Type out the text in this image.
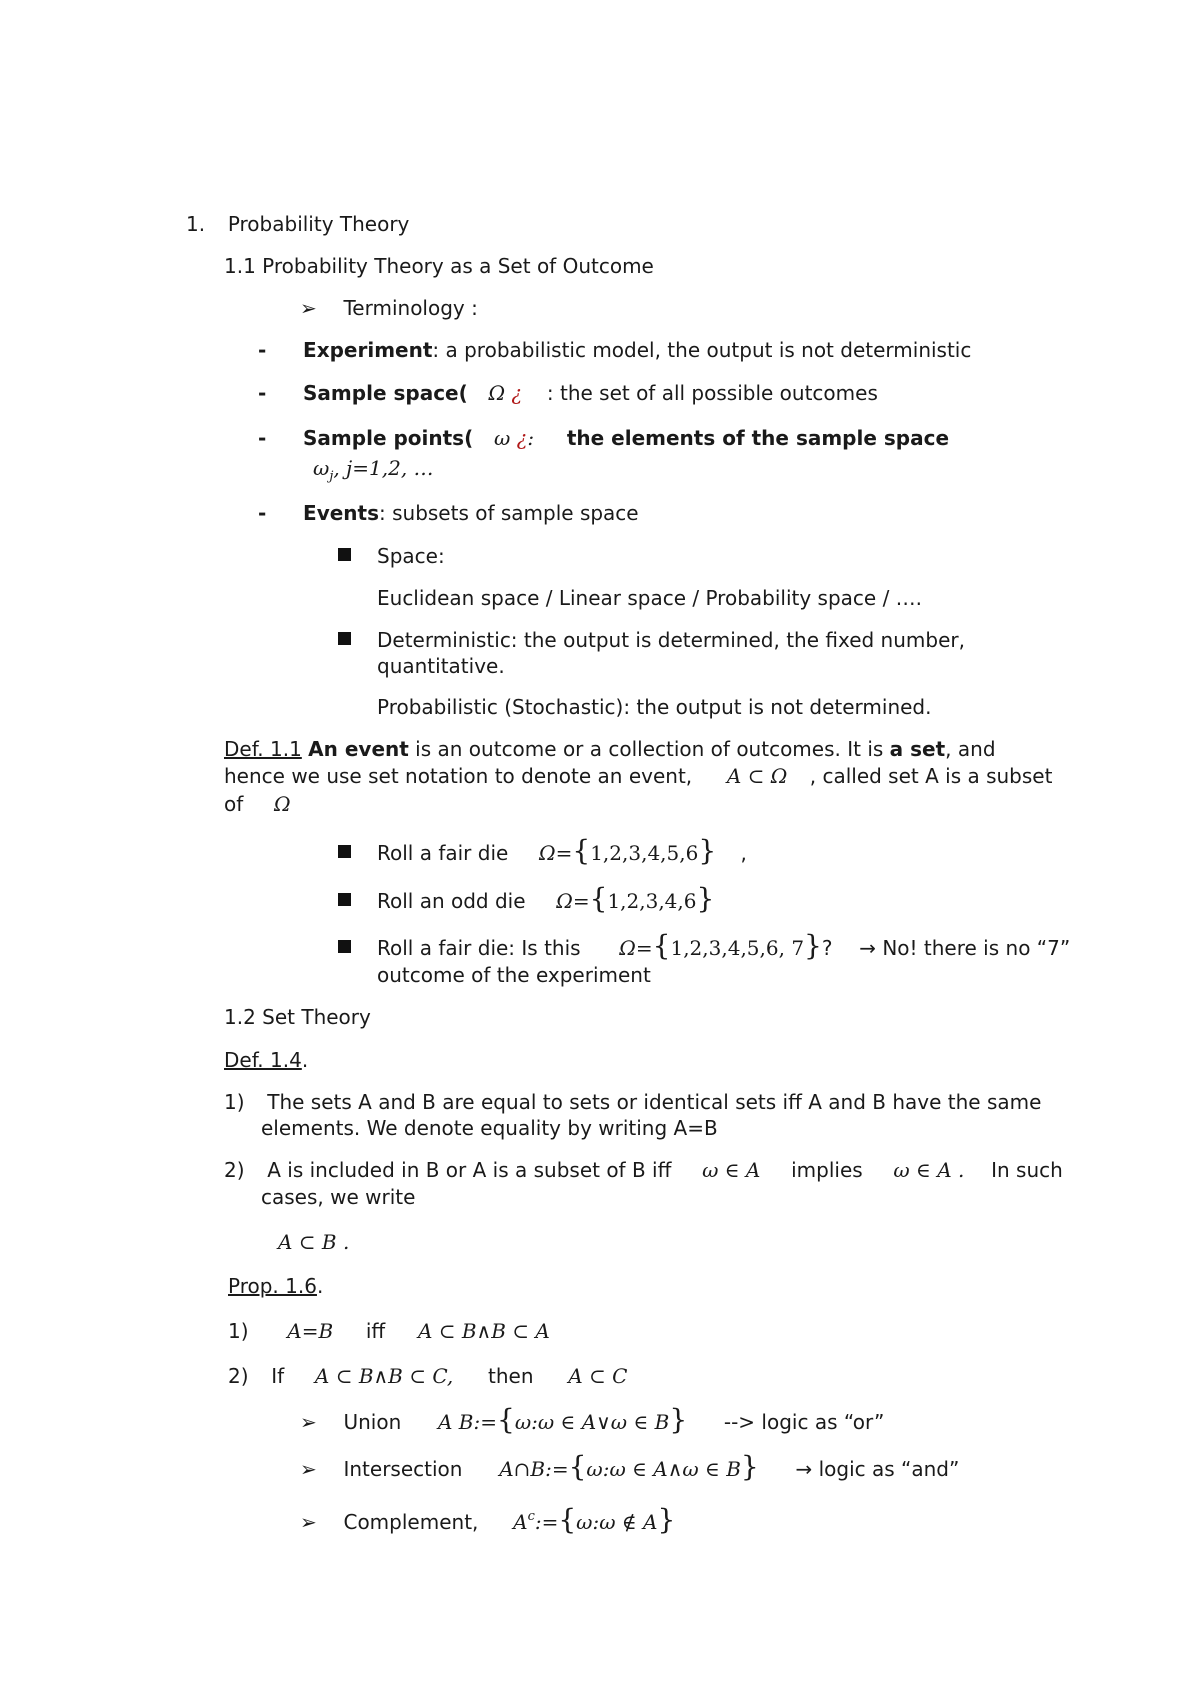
1. Probability Theory
1.1 Probability Theory as a Set of Outcome
➢ Terminology :
- Experiment: a probabilistic model, the output is not deterministic
- Sample space( Ω ¿ : the set of all possible outcomes
- Sample points( ω ¿: the elements of the sample space
$\omega_j$, j=1,2, …
- Events: subsets of sample space
Space:
Euclidean space / Linear space / Probability space / ….
Deterministic: the output is determined, the fixed number,
quantitative.
Probabilistic (Stochastic): the output is not determined.
Def. 1.1 An event is an outcome or a collection of outcomes. It is a set, and
hence we use set notation to denote an event, A ⊂ Ω , called set A is a subset
of Ω
Roll a fair die Ω={1,2,3,4,5,6} ,
Roll an odd die Ω={1,2,3,4,6}
Roll a fair die: Is this Ω={1,2,3,4,5,6, 7}? → No! there is no “7”
outcome of the experiment
1.2 Set Theory
Def. 1.4.
1) The sets A and B are equal to sets or identical sets iff A and B have the same
elements. We denote equality by writing A=B
2) A is included in B or A is a subset of B iff ω ∈ A implies ω ∈ A . In such
cases, we write
A ⊂ B .
Prop. 1.6.
1) A=B iff A ⊂ B∧B ⊂ A
2) If A ⊂ B∧B ⊂ C, then A ⊂ C
➢ Union A B:={ω:ω ∈ A∨ω ∈ B} --> logic as “or”
➢ Intersection A∩B:={ω:ω ∈ A∧ω ∈ B} → logic as “and”
➢ Complement, $A^c:=\{\omega:\omega$ ∉ A}
